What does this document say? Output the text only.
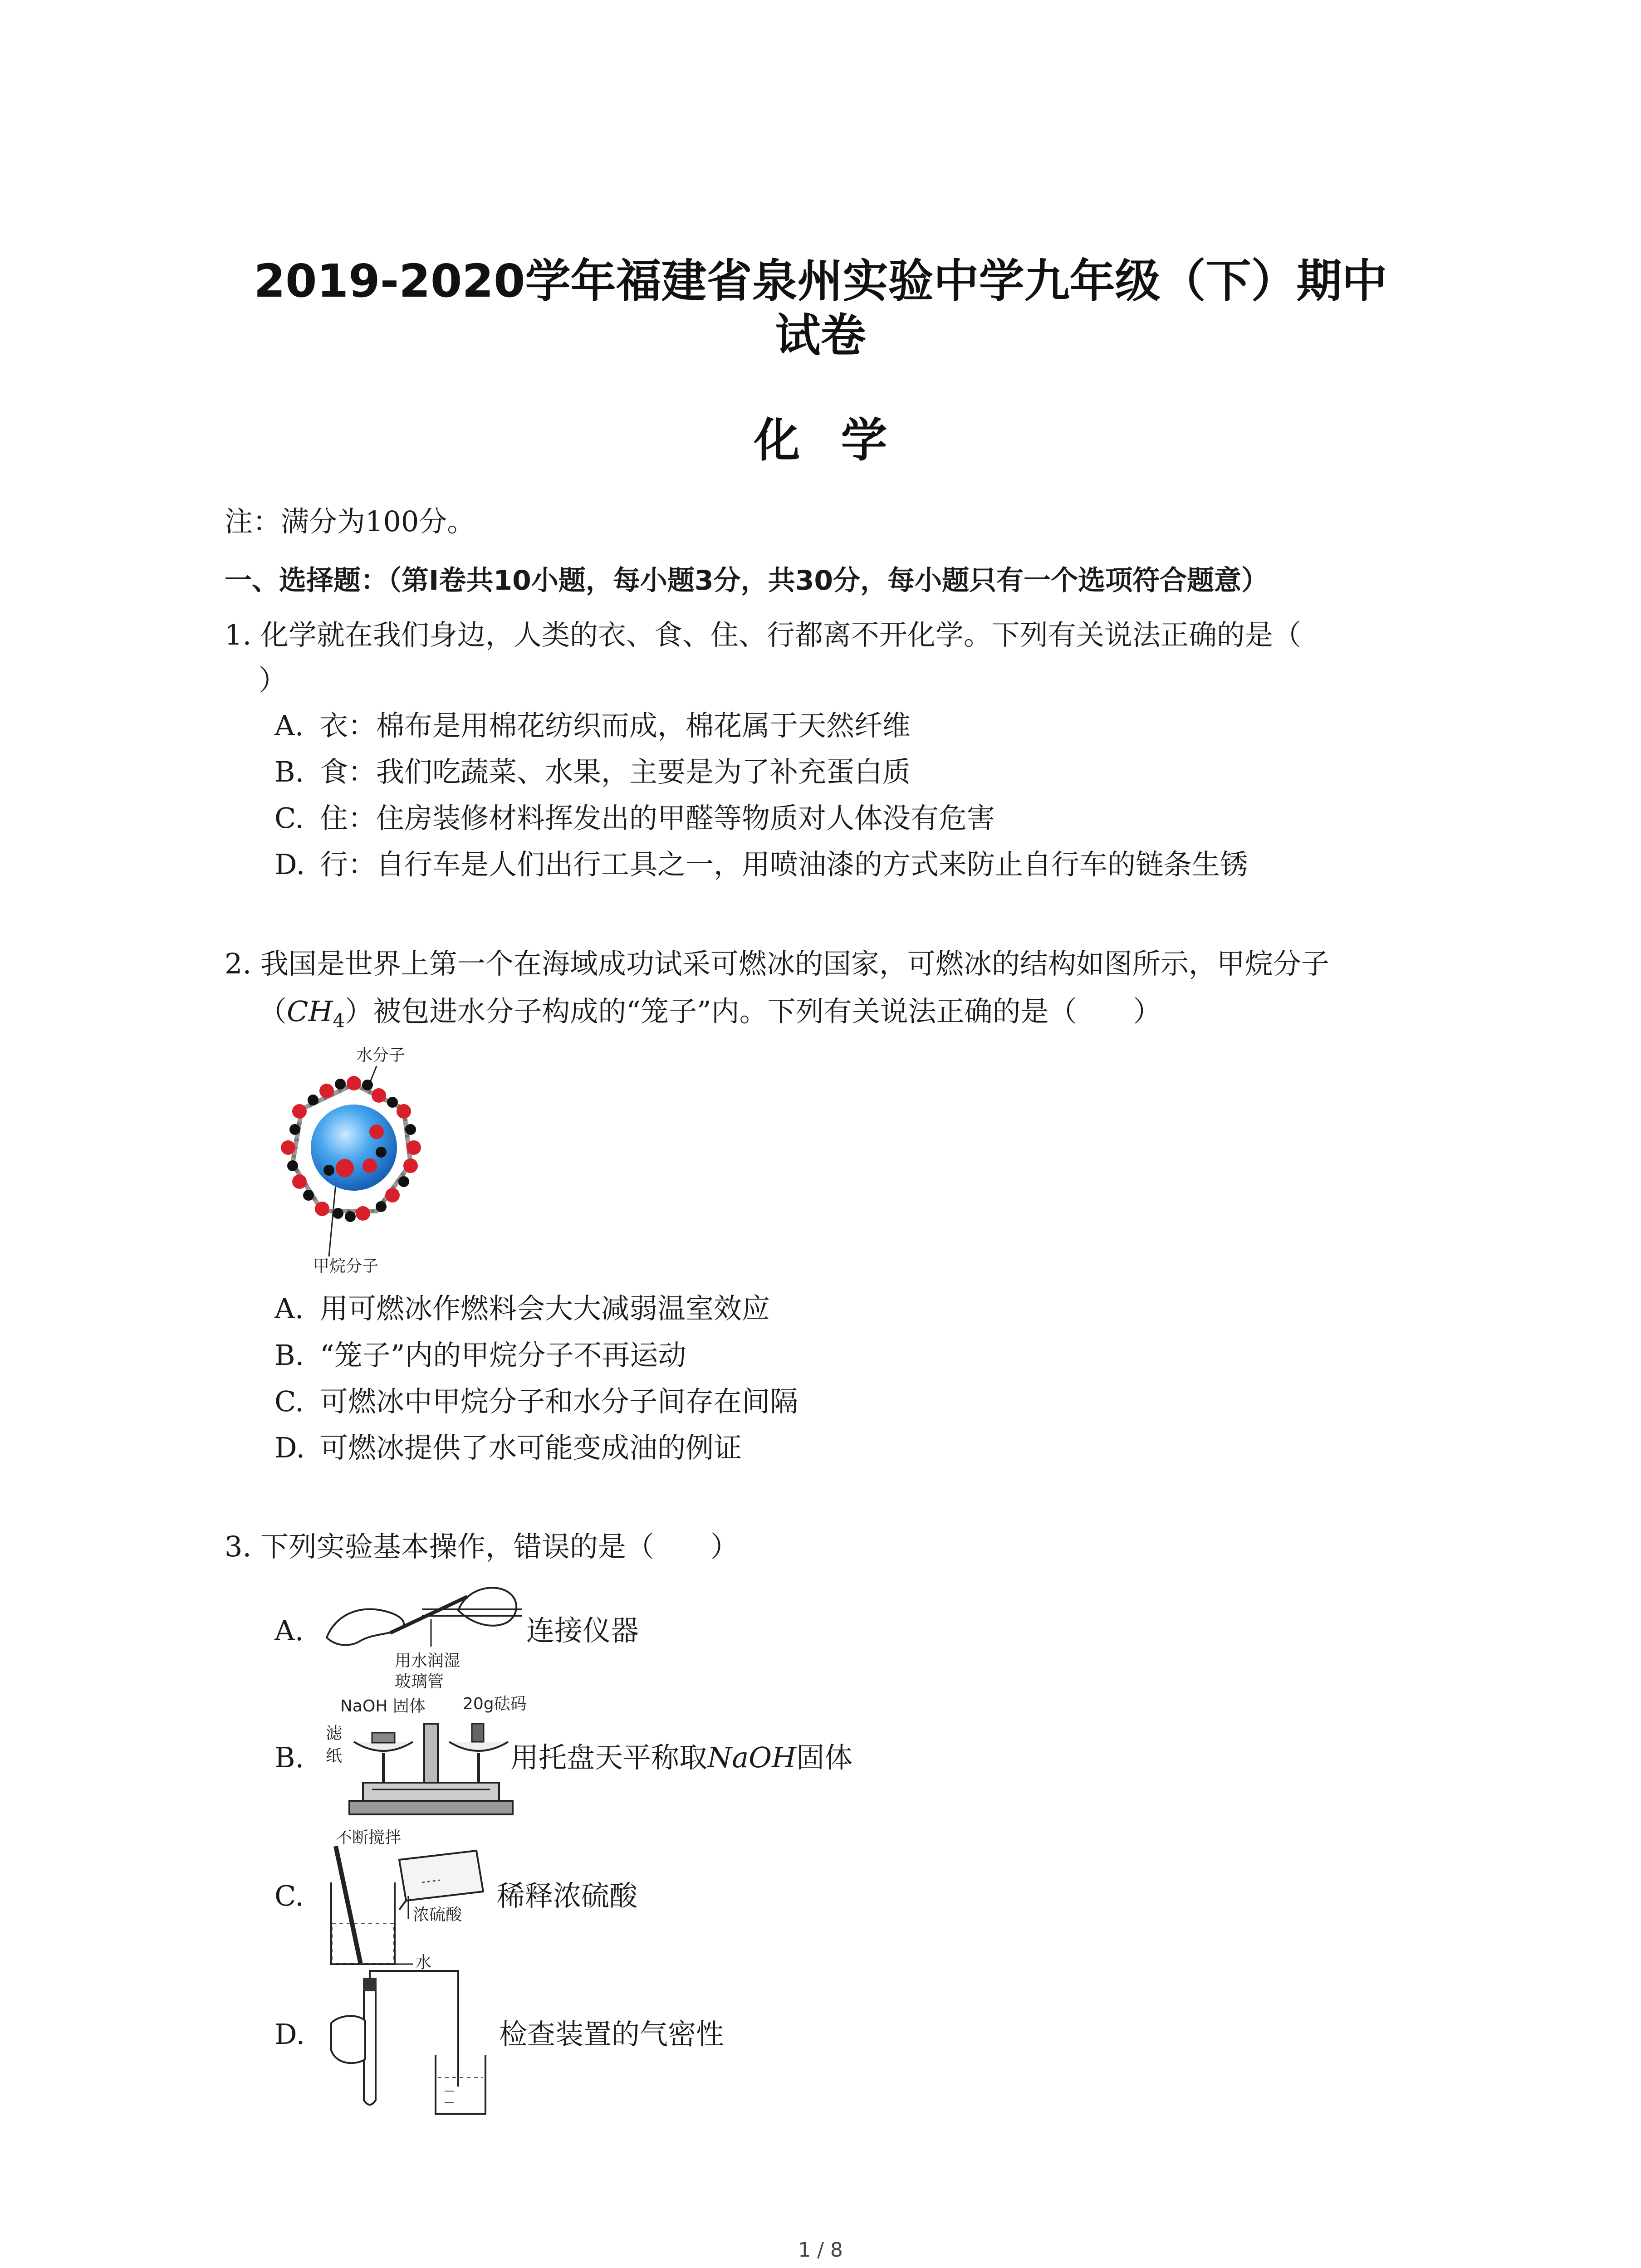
2019-2020学年福建省泉州实验中学九年级（下）期中
试卷
化学
注：满分为100分。
一、选择题：（第I卷共10小题，每小题3分，共30分，每小题只有一个选项符合题意）
1. 化学就在我们身边，人类的衣、食、住、行都离不开化学。下列有关说法正确的是（
）
A. 衣：棉布是用棉花纺织而成，棉花属于天然纤维
B. 食：我们吃蔬菜、水果，主要是为了补充蛋白质
C. 住：住房装修材料挥发出的甲醛等物质对人体没有危害
D. 行：自行车是人们出行工具之一，用喷油漆的方式来防止自行车的链条生锈
2. 我国是世界上第一个在海域成功试采可燃冰的国家，可燃冰的结构如图所示，甲烷分子
$(CH_4)$被包进水分子构成的“笼子”内。下列有关说法正确的是（　　）
水分子
甲烷分子
A. 用可燃冰作燃料会大大减弱温室效应
B. “笼子”内的甲烷分子不再运动
C. 可燃冰中甲烷分子和水分子间存在间隔
D. 可燃冰提供了水可能变成油的例证
3. 下列实验基本操作，错误的是（　　）
A.	连接仪器
用水润湿
玻璃管
B.
NaOH 固体 20g砝码
滤
纸	用托盘天平称取NaOH固体
C.
不断搅拌
稀释浓硫酸
浓硫酸
水
D.	检查装置的气密性
1 / 8
